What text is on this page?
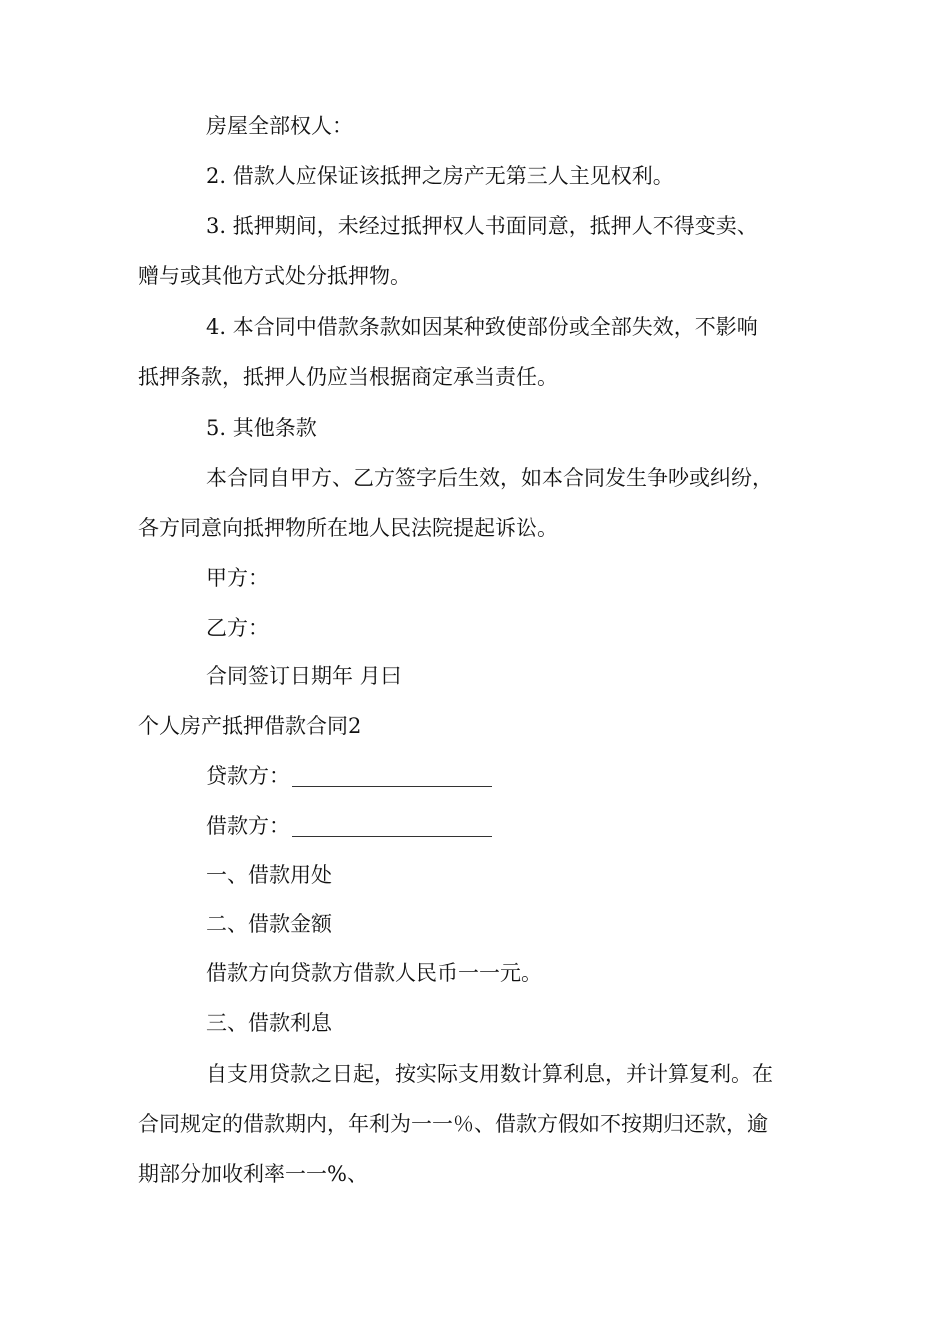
房屋全部权人：
2. 借款人应保证该抵押之房产无第三人主见权利。
3. 抵押期间，未经过抵押权人书面同意，抵押人不得变卖、
赠与或其他方式处分抵押物。
4. 本合同中借款条款如因某种致使部份或全部失效，不影响
抵押条款，抵押人仍应当根据商定承当责任。
5. 其他条款
本合同自甲方、乙方签字后生效，如本合同发生争吵或纠纷，
各方同意向抵押物所在地人民法院提起诉讼。
甲方：
乙方：
合同签订日期年 月曰
个人房产抵押借款合同2
贷款方：
借款方：
一、借款用处
二、借款金额
借款方向贷款方借款人民币一一元。
三、借款利息
自支用贷款之日起，按实际支用数计算利息，并计算复利。在
合同规定的借款期内，年利为一一％、借款方假如不按期归还款，逾
期部分加收利率一一%、
